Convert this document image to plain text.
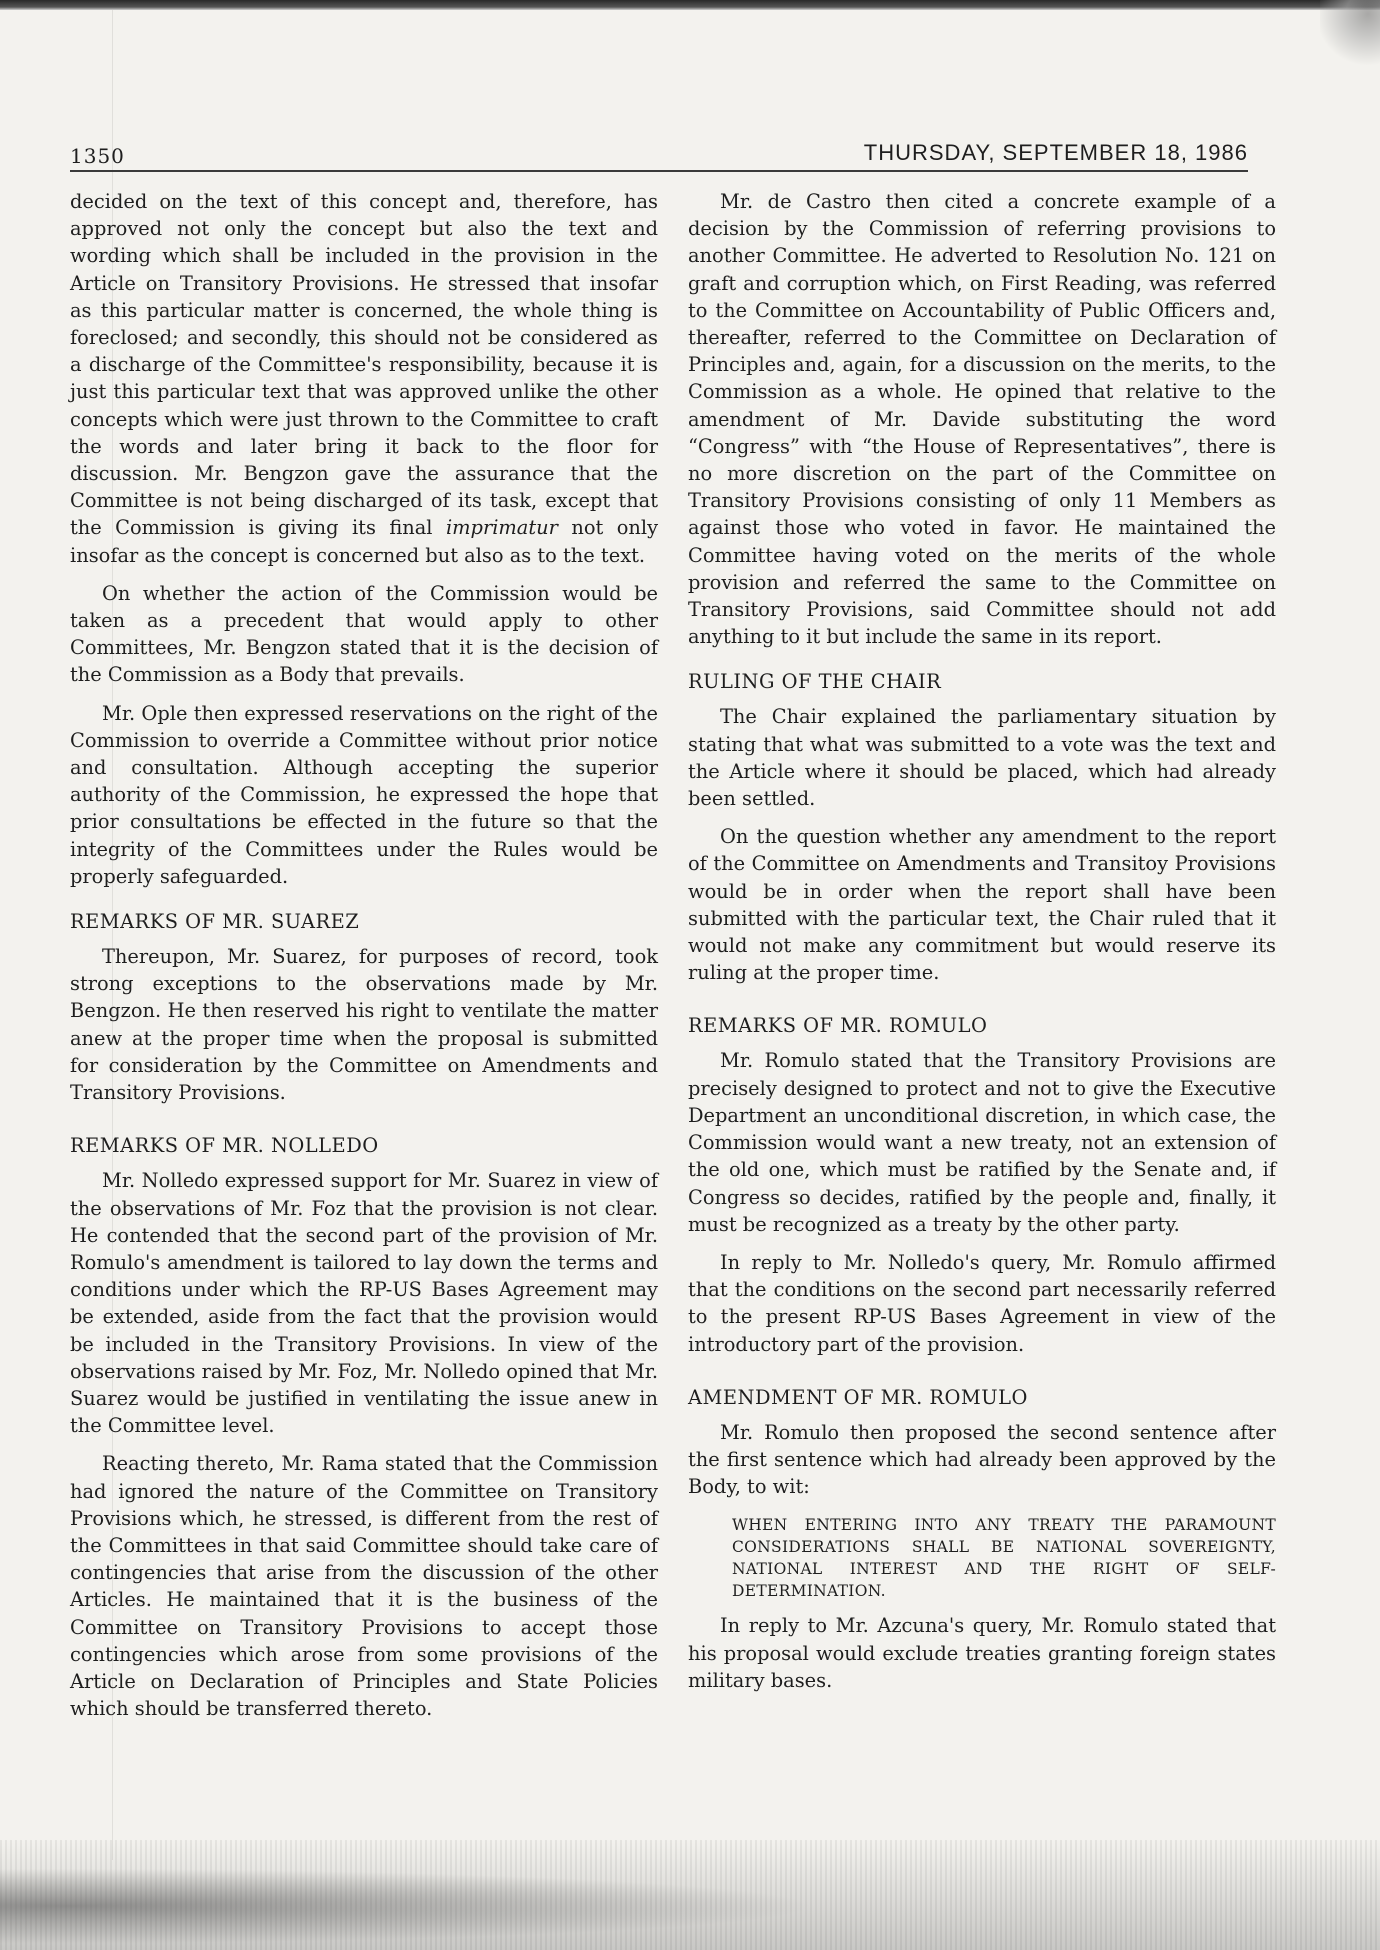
1350	THURSDAY, SEPTEMBER 18, 1986

decided on the text of this concept and, therefore, has approved not only the concept but also the text and wording which shall be included in the provision in the Article on Transitory Provisions. He stressed that insofar as this particular matter is concerned, the whole thing is foreclosed; and secondly, this should not be considered as a discharge of the Committee's responsibility, because it is just this particular text that was approved unlike the other concepts which were just thrown to the Committee to craft the words and later bring it back to the floor for discussion. Mr. Bengzon gave the assurance that the Committee is not being discharged of its task, except that the Commission is giving its final imprimatur not only insofar as the concept is concerned but also as to the text.

On whether the action of the Commission would be taken as a precedent that would apply to other Committees, Mr. Bengzon stated that it is the decision of the Commission as a Body that prevails.

Mr. Ople then expressed reservations on the right of the Commission to override a Committee without prior notice and consultation. Although accepting the superior authority of the Commission, he expressed the hope that prior consultations be effected in the future so that the integrity of the Committees under the Rules would be properly safeguarded.

REMARKS OF MR. SUAREZ

Thereupon, Mr. Suarez, for purposes of record, took strong exceptions to the observations made by Mr. Bengzon. He then reserved his right to ventilate the matter anew at the proper time when the proposal is submitted for consideration by the Committee on Amendments and Transitory Provisions.

REMARKS OF MR. NOLLEDO

Mr. Nolledo expressed support for Mr. Suarez in view of the observations of Mr. Foz that the provision is not clear. He contended that the second part of the provision of Mr. Romulo's amendment is tailored to lay down the terms and conditions under which the RP-US Bases Agreement may be extended, aside from the fact that the provision would be included in the Transitory Provisions. In view of the observations raised by Mr. Foz, Mr. Nolledo opined that Mr. Suarez would be justified in ventilating the issue anew in the Committee level.

Reacting thereto, Mr. Rama stated that the Commission had ignored the nature of the Committee on Transitory Provisions which, he stressed, is different from the rest of the Committees in that said Committee should take care of contingencies that arise from the discussion of the other Articles. He maintained that it is the business of the Committee on Transitory Provisions to accept those contingencies which arose from some provisions of the Article on Declaration of Principles and State Policies which should be transferred thereto.

Mr. de Castro then cited a concrete example of a decision by the Commission of referring provisions to another Committee. He adverted to Resolution No. 121 on graft and corruption which, on First Reading, was referred to the Committee on Accountability of Public Officers and, thereafter, referred to the Committee on Declaration of Principles and, again, for a discussion on the merits, to the Commission as a whole. He opined that relative to the amendment of Mr. Davide substituting the word “Congress” with “the House of Representatives”, there is no more discretion on the part of the Committee on Transitory Provisions consisting of only 11 Members as against those who voted in favor. He maintained the Committee having voted on the merits of the whole provision and referred the same to the Committee on Transitory Provisions, said Committee should not add anything to it but include the same in its report.

RULING OF THE CHAIR

The Chair explained the parliamentary situation by stating that what was submitted to a vote was the text and the Article where it should be placed, which had already been settled.

On the question whether any amendment to the report of the Committee on Amendments and Transitoy Provisions would be in order when the report shall have been submitted with the particular text, the Chair ruled that it would not make any commitment but would reserve its ruling at the proper time.

REMARKS OF MR. ROMULO

Mr. Romulo stated that the Transitory Provisions are precisely designed to protect and not to give the Executive Department an unconditional discretion, in which case, the Commission would want a new treaty, not an extension of the old one, which must be ratified by the Senate and, if Congress so decides, ratified by the people and, finally, it must be recognized as a treaty by the other party.

In reply to Mr. Nolledo's query, Mr. Romulo affirmed that the conditions on the second part necessarily referred to the present RP-US Bases Agreement in view of the introductory part of the provision.

AMENDMENT OF MR. ROMULO

Mr. Romulo then proposed the second sentence after the first sentence which had already been approved by the Body, to wit:

WHEN ENTERING INTO ANY TREATY THE PARAMOUNT CONSIDERATIONS SHALL BE NATIONAL SOVEREIGNTY, NATIONAL INTEREST AND THE RIGHT OF SELF-DETERMINATION.

In reply to Mr. Azcuna's query, Mr. Romulo stated that his proposal would exclude treaties granting foreign states military bases.
